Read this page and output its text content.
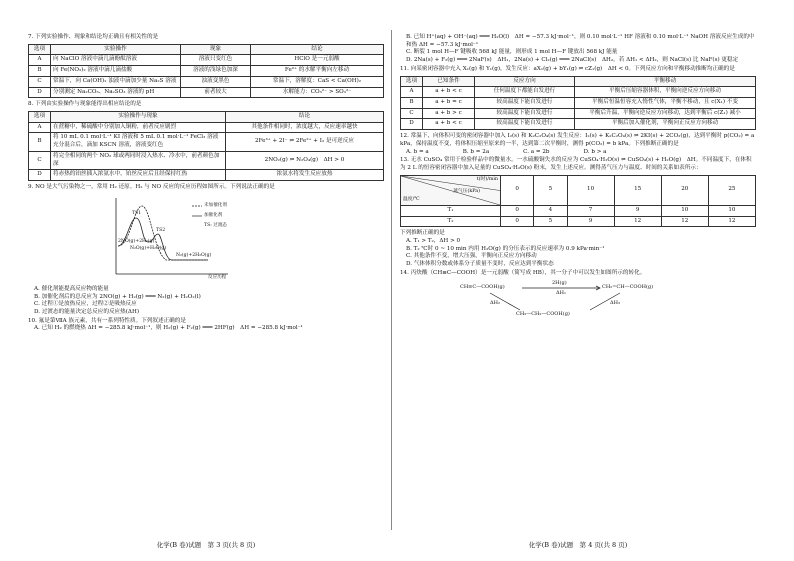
7. 下列实验操作、现象和结论均正确且有相关性的是
选项	实验操作	现象	结论
A	向 NaClO 溶液中滴几滴酚酞溶液	溶液只变红色	HClO 是一元弱酸
B	向 Fe(NO₃)₂ 溶液中滴几滴盐酸	溶液的浅绿色加深	Fe²⁺ 的水解平衡向左移动
C	常温下，向 Ca(OH)₂ 浊液中滴加少量 Na₂S 溶液	浊液变黑色	常温下，溶解度：CaS < Ca(OH)₂
D	分别测定 Na₂CO₃、Na₂SO₃ 溶液的 pH	前者较大	水解能力：CO₃²⁻ > SO₃²⁻
8. 下列由实验操作与现象能得出相应结论的是
选项	实验操作与现象	结论
A	在蔗糖中，稀硫酸中分别加入铜粉，前者反应剧烈	其他条件相同时，浓度越大，反应速率越快
B	将 10 mL 0.1 mol·L⁻¹ KI 溶液和 5 mL 0.1 mol·L⁻¹ FeCl₃ 溶液充分混合后，滴加 KSCN 溶液，溶液变红色	2Fe³⁺ + 2I⁻ ⇌ 2Fe²⁺ + I₂ 是可逆反应
C	将完全相同的两个 NO₂ 球或两同时浸入热水、冷水中，前者颜色加深	2NO₂(g) ⇌ N₂O₄(g)　ΔH > 0
D	将赤热的铂丝插入浓氨水中，铂丝反应后且经保持红热	浓氨水将发生反应放热
9. NO 是大气污染物之一，常用 H₂ 还原。H₂ 与 NO 反应的反应历程如图所示。下列说法正确的是
未加催化剂
加催化剂
TS: 过渡态
TS1
TS2
2NO(g)+2H₂(g)
N₂O(g)+H₂O(g)
N₂(g)+2H₂O(g)
反应历程
A. 催化剂能提高反应物的能量
B. 加催化剂后的总反应为 2NO(g) + H₂(g) ═══ N₂(g) + H₂O₂(l)
C. 过程①是放热反应，过程②是吸热反应
D. 过渡态的能量决定总反应的反应热(ΔH)
10. 氟是第ⅦA 族元素，共有一系列特性质。下列叙述正确的是
A. 已知 H₂ 的燃烧热 ΔH = −285.8 kJ·mol⁻¹，则 H₂(g) + F₂(g) ═══ 2HF(g)　ΔH = −285.8 kJ·mol⁻¹
化学(B 卷)试题　第 3 页(共 8 页)
B. 已知 H⁺(aq) + OH⁻(aq) ═══ H₂O(l)　ΔH = −57.3 kJ·mol⁻¹，则 0.10 mol·L⁻¹ HF 溶液和 0.10 mol·L⁻¹ NaOH 溶液反应生成的中和热 ΔH = −57.3 kJ·mol⁻¹
C. 断裂 1 mol H—F 键吸收 568 kJ 能量，则形成 1 mol H—F 键放出 568 kJ 能量
D. 2Na(s) + F₂(g) ═══ 2NaF(s)　ΔH₁，2Na(s) + Cl₂(g) ═══ 2NaCl(s)　ΔH₂，若 ΔH₁ < ΔH₂，则 NaCl(s) 比 NaF(s) 更稳定
11. 向某密闭容器中充入 X₁(g) 和 Y₁(g)，发生反应：aX₁(g) + bY₁(g) ⇌ cZ₁(g)　ΔH < 0。下列反应方向和平衡移动推断均正确的是
选项	已知条件	反应方向	平衡移动
A	a + b < c	任何温度下都能自发进行	平衡后压缩容器体积，平衡向逆反应方向移动
B	a + b = c	较高温度下能自发进行	平衡后恒温恒容充入惰性气体，平衡不移动，且 c(X₁) 不变
C	a + b > c	较高温度下能自发进行	平衡后升温，平衡向逆反应方向移动，达到平衡后 c(Z₁) 减小
D	a + b < c	较高温度下能自发进行	平衡后加入催化剂，平衡向正反应方向移动
12. 常温下，向体积可变的密闭容器中加入 I₂(s) 和 K₂C₂O₄(s) 发生反应：I₂(s) + K₂C₂O₄(s) ⇌ 2KI(s) + 2CO₂(g)，达到平衡时 p(CO₂) = a kPa，保持温度不变，将体积压缩至原来的一半，达到第二次平衡时，测得 p(CO₂) = b kPa。下列推断正确的是
A. b = a	B. b = 2a	C. a = 2b	D. b > a
13. 无水 CuSO₄ 常用于检验样品中的微量水。一水硫酸铜失水的反应为 CuSO₄·H₂O(s) ⇌ CuSO₄(s) + H₂O(g)　ΔH。不同温度下，在体积为 2 L 的恒容密闭容器中加入足量的 CuSO₄·H₂O(s) 粉末，发生上述反应。测得蒸气压力与温度、时间的关系如表所示：
t(时)/min
蒸气压(kPa)
温度/℃	0	5	10	15	20	25

T₁	0	4	7	9	10	10
T₂	0	5	9	12	12	12
下列推断正确的是
A. T₁ > T₂，ΔH > 0
B. T₂ ℃时 0 ~ 10 min 内用 H₂O(g) 的分压表示的反应速率为 0.9 kPa·min⁻¹
C. 其他条件不变，增大压强，平衡向正反应方向移动
D. 气体体积分数或体系分子质量不变时，反应达到平衡状态
14. 丙炔酸（CH≡C—COOH）是一元弱酸（简写成 HB），其一分子中可以发生如图所示的转化。
CH≡C—COOH(g)
2H(g)
CH₂=CH—COOH(g)
CH₃—CH₂—COOH(g)
ΔH₁
ΔH₂	ΔH₃
化学(B 卷)试题　第 4 页(共 8 页)
